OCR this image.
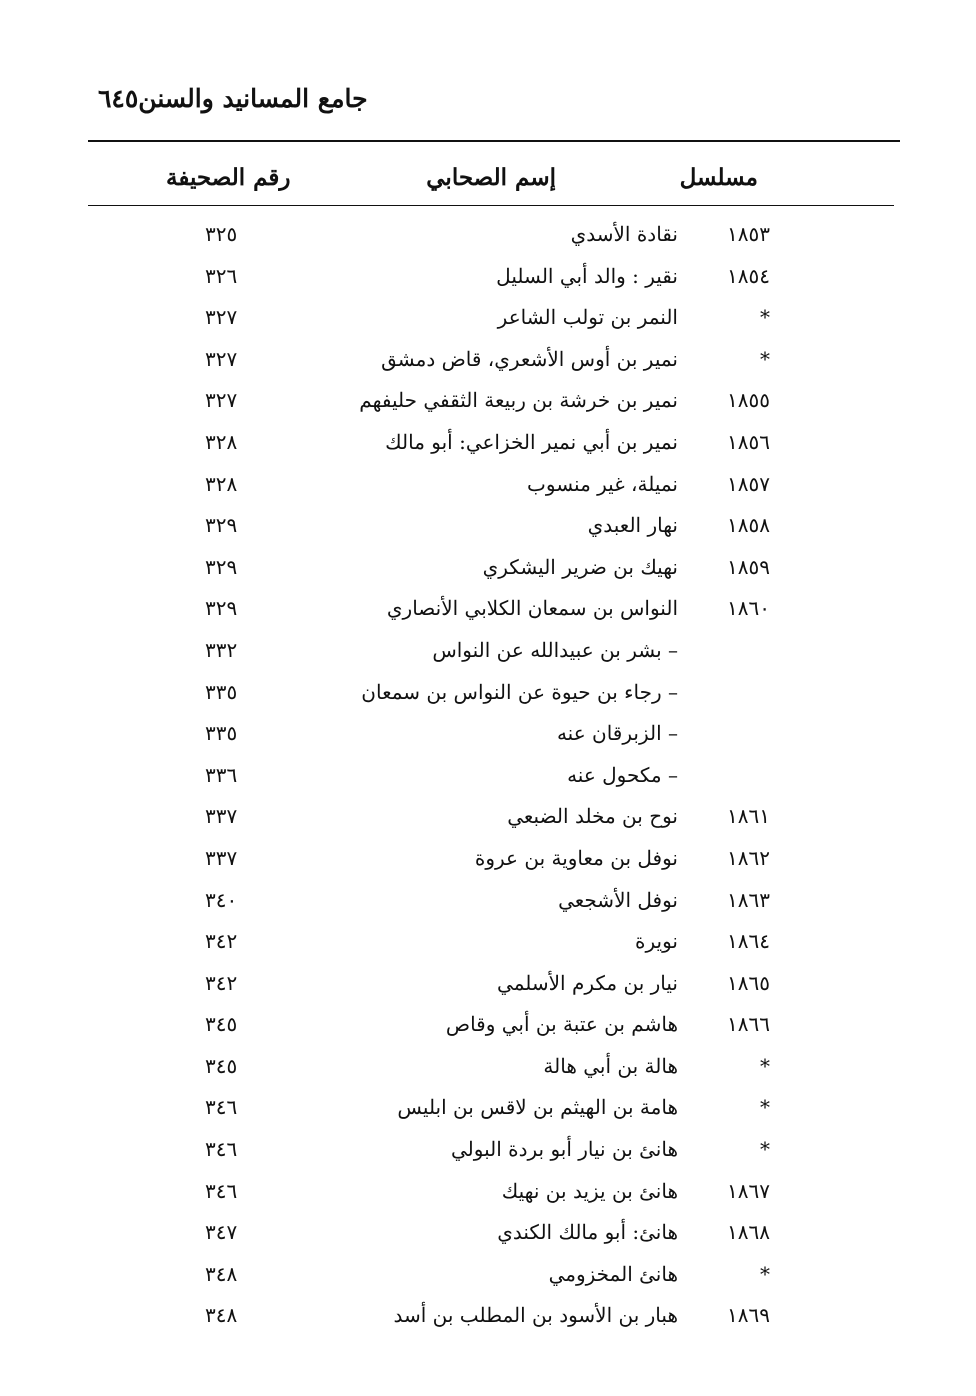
٦٤٥ جامع المسانيد والسنن
مسلسل
إسم الصحابي
رقم الصحيفة
١٨٥٣
نقادة الأسدي
٣٢٥
١٨٥٤
نقير : والد أبي السليل
٣٢٦
*
النمر بن تولب الشاعر
٣٢٧
*
نمير بن أوس الأشعري، قاض دمشق
٣٢٧
١٨٥٥
نمير بن خرشة بن ربيعة الثقفي حليفهم
٣٢٧
١٨٥٦
نمير بن أبي نمير الخزاعي: أبو مالك
٣٢٨
١٨٥٧
نميلة، غير منسوب
٣٢٨
١٨٥٨
نهار العبدي
٣٢٩
١٨٥٩
نهيك بن ضرير اليشكري
٣٢٩
١٨٦٠
النواس بن سمعان الكلابي الأنصاري
٣٢٩
– بشر بن عبيدالله عن النواس
٣٣٢
– رجاء بن حيوة عن النواس بن سمعان
٣٣٥
– الزبرقان عنه
٣٣٥
– مكحول عنه
٣٣٦
١٨٦١
نوح بن مخلد الضبعي
٣٣٧
١٨٦٢
نوفل بن معاوية بن عروة
٣٣٧
١٨٦٣
نوفل الأشجعي
٣٤٠
١٨٦٤
نويرة
٣٤٢
١٨٦٥
نيار بن مكرم الأسلمي
٣٤٢
١٨٦٦
هاشم بن عتبة بن أبي وقاص
٣٤٥
*
هالة بن أبي هالة
٣٤٥
*
هامة بن الهيثم بن لاقس بن ابليس
٣٤٦
*
هانئ بن نيار أبو بردة البولي
٣٤٦
١٨٦٧
هانئ بن يزيد بن نهيك
٣٤٦
١٨٦٨
هانئ: أبو مالك الكندي
٣٤٧
*
هانئ المخزومي
٣٤٨
١٨٦٩
هبار بن الأسود بن المطلب بن أسد
٣٤٨
